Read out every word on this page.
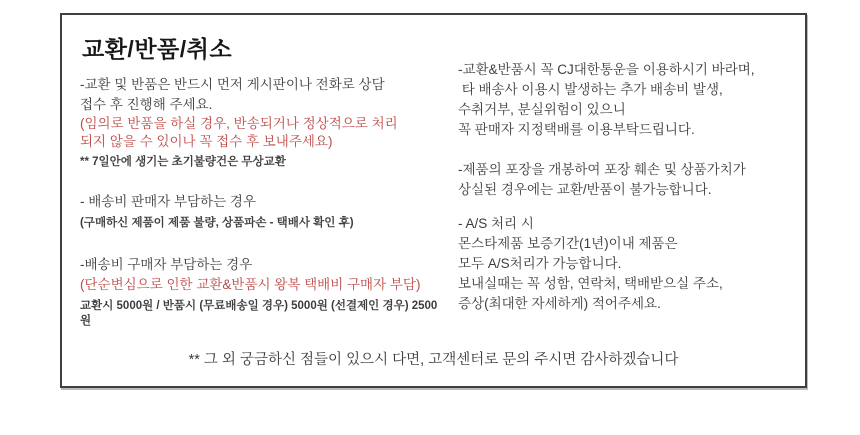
교환/반품/취소
-교환 및 반품은 반드시 먼저 게시판이나 전화로 상담
접수 후 진행해 주세요.
(임의로 반품을 하실 경우, 반송되거나 정상적으로 처리
되지 않을 수 있이나 꼭 접수 후 보내주세요)
** 7일안에 생기는 초기불량건은 무상교환
- 배송비 판매자 부담하는 경우
(구매하신 제품이 제품 불량, 상품파손 - 택배사 확인 후)
-배송비 구매자 부담하는 경우
(단순변심으로 인한 교환&반품시 왕복 택배비 구매자 부담)
교환시 5000원 / 반품시 (무료배송일 경우) 5000원 (선결제인 경우) 2500원
-교환&반품시 꼭 CJ대한통운을 이용하시기 바라며,
타 배송사 이용시 발생하는 추가 배송비 발생,
수취거부, 분실위험이 있으니
꼭 판매자 지정택배를 이용부탁드립니다.
-제품의 포장을 개봉하여 포장 훼손 및 상품가치가
상실된 경우에는 교환/반품이 불가능합니다.
- A/S 처리 시
몬스타제품 보증기간(1년)이내 제품은
모두 A/S처리가 가능합니다.
보내실때는 꼭 성함, 연락처, 택배받으실 주소,
증상(최대한 자세하게) 적어주세요.
** 그 외 궁금하신 점들이 있으시 다면, 고객센터로 문의 주시면 감사하겠습니다
